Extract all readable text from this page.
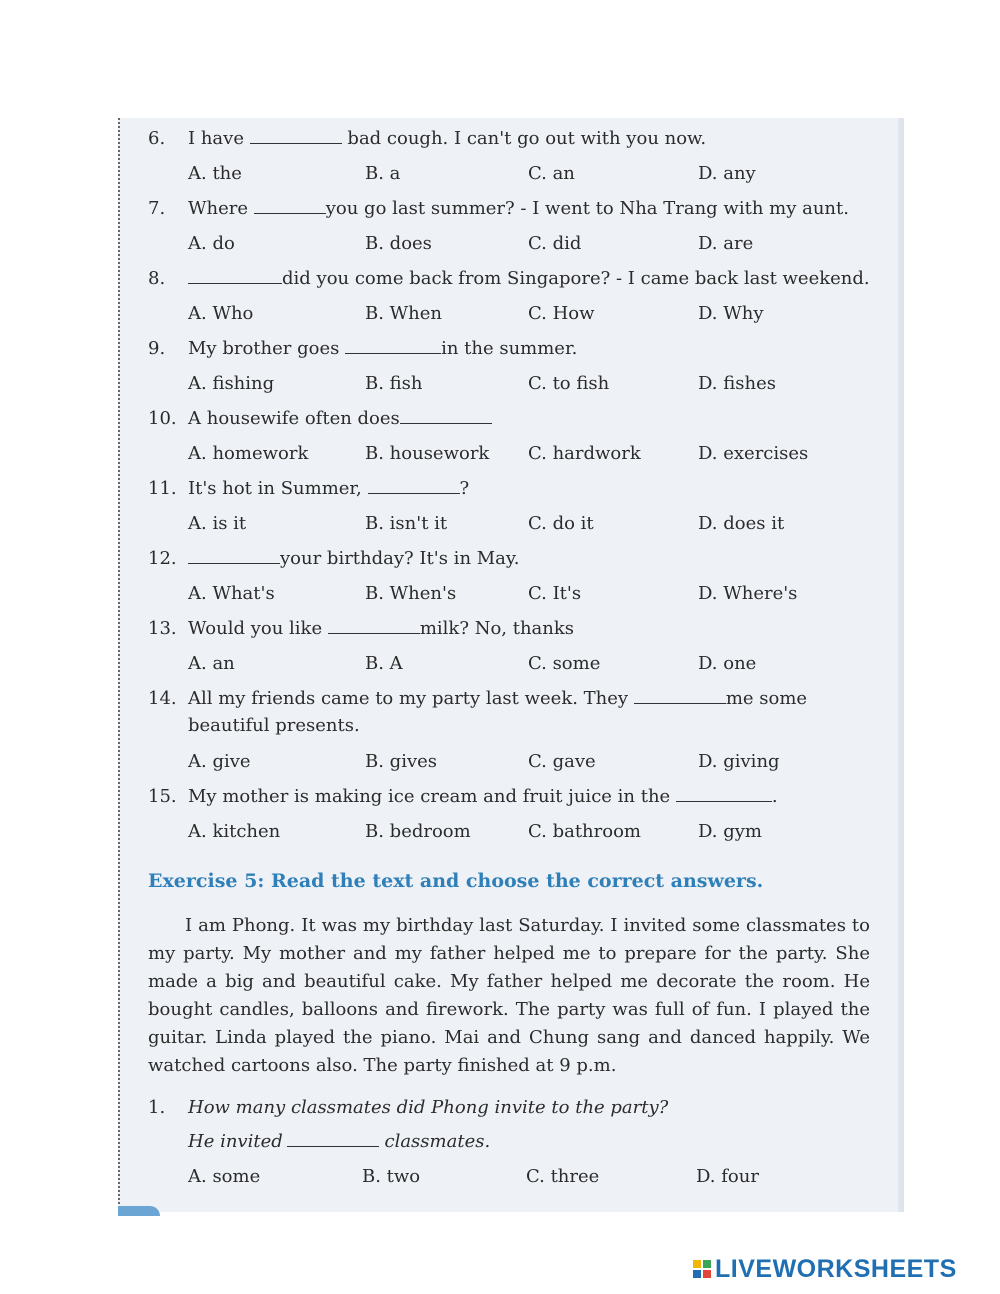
6. I have	bad cough. I can't go out with you now.
A. the	B. a	C. an	D. any
7. Where	you go last summer? - I went to Nha Trang with my aunt.
A. do	B. does	C. did	D. are
8.	did you come back from Singapore? - I came back last weekend.
A. Who	B. When	C. How	D. Why
9. My brother goes	in the summer.
A. fishing	B. fish	C. to fish	D. fishes
10. A housewife often does
A. homework	B. housework C. hardwork	D. exercises
11. It's hot in Summer,	?
A. is it	B. isn't it	C. do it	D. does it
12.	your birthday? It's in May.
A. What's	B. When's	C. It's	D. Where's
13. Would you like	milk? No, thanks
A. an	B. A	C. some	D. one
14. All my friends came to my party last week. They	me some
beautiful presents.
A. give	B. gives	C. gave	D. giving
15. My mother is making ice cream and fruit juice in the	.
A. kitchen	B. bedroom	C. bathroom	D. gym
Exercise 5: Read the text and choose the correct answers.
I am Phong. It was my birthday last Saturday. I invited some classmates to my party. My mother and my father helped me to prepare for the party. She made a big and beautiful cake. My father helped me decorate the room. He bought candles, balloons and firework. The party was full of fun. I played the guitar. Linda played the piano. Mai and Chung sang and danced happily. We watched cartoons also. The party finished at 9 p.m.
1. How many classmates did Phong invite to the party?
He invited	classmates.
A. some	B. two	C. three	D. four
LIVEWORKSHEETS
